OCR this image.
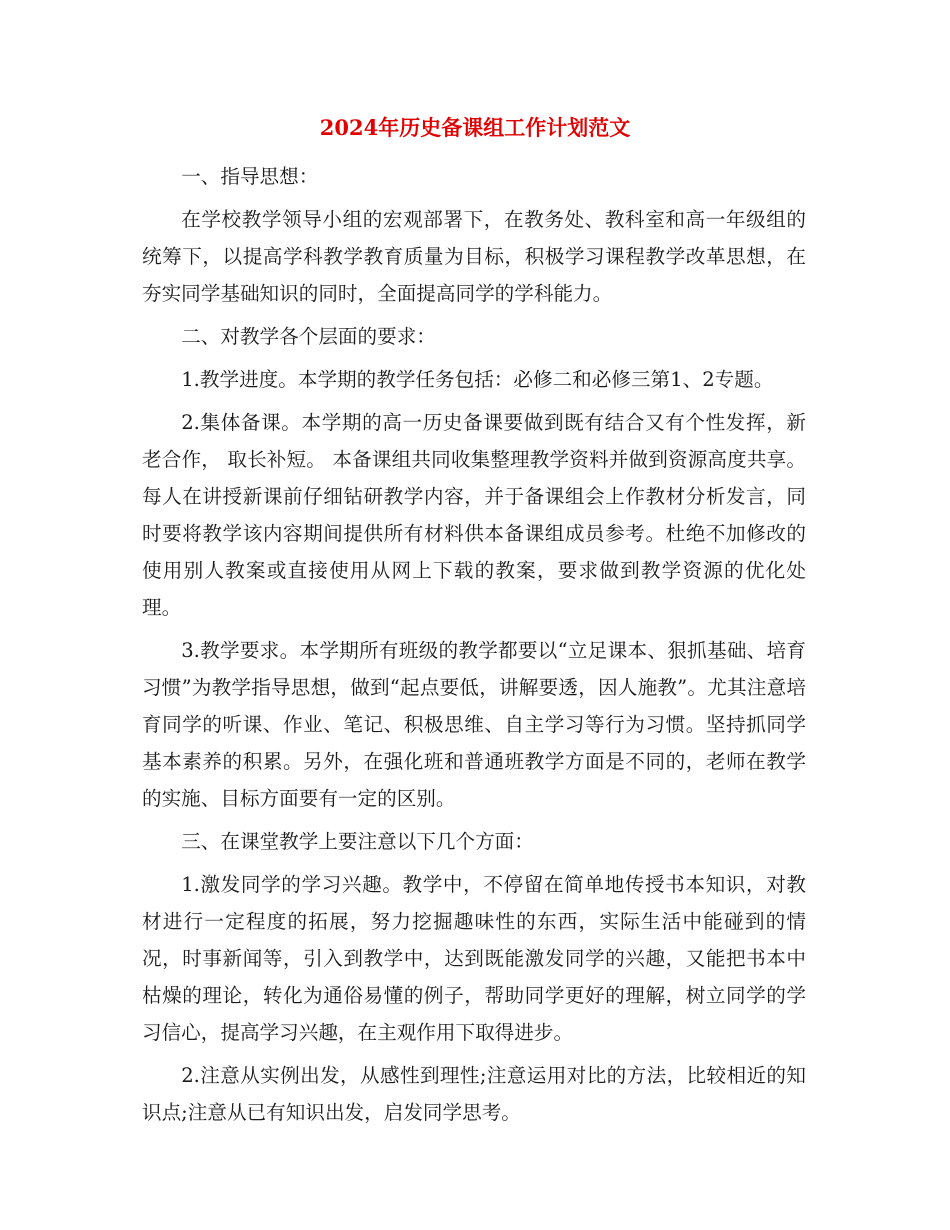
2024年历史备课组工作计划范文

一、指导思想：

在学校教学领导小组的宏观部署下，在教务处、教科室和高一年级组的统筹下，以提高学科教学教育质量为目标，积极学习课程教学改革思想，在夯实同学基础知识的同时，全面提高同学的学科能力。

二、对教学各个层面的要求：

1.教学进度。本学期的教学任务包括：必修二和必修三第1、2专题。

2.集体备课。本学期的高一历史备课要做到既有结合又有个性发挥，新老合作， 取长补短。 本备课组共同收集整理教学资料并做到资源高度共享。每人在讲授新课前仔细钻研教学内容，并于备课组会上作教材分析发言，同时要将教学该内容期间提供所有材料供本备课组成员参考。杜绝不加修改的使用别人教案或直接使用从网上下载的教案，要求做到教学资源的优化处理。

3.教学要求。本学期所有班级的教学都要以“立足课本、狠抓基础、培育习惯”为教学指导思想，做到“起点要低，讲解要透，因人施教”。尤其注意培育同学的听课、作业、笔记、积极思维、自主学习等行为习惯。坚持抓同学基本素养的积累。另外，在强化班和普通班教学方面是不同的，老师在教学的实施、目标方面要有一定的区别。

三、在课堂教学上要注意以下几个方面：

1.激发同学的学习兴趣。教学中，不停留在简单地传授书本知识，对教材进行一定程度的拓展，努力挖掘趣味性的东西，实际生活中能碰到的情况，时事新闻等，引入到教学中，达到既能激发同学的兴趣，又能把书本中枯燥的理论，转化为通俗易懂的例子，帮助同学更好的理解，树立同学的学习信心，提高学习兴趣，在主观作用下取得进步。

2.注意从实例出发，从感性到理性;注意运用对比的方法，比较相近的知识点;注意从已有知识出发，启发同学思考。
